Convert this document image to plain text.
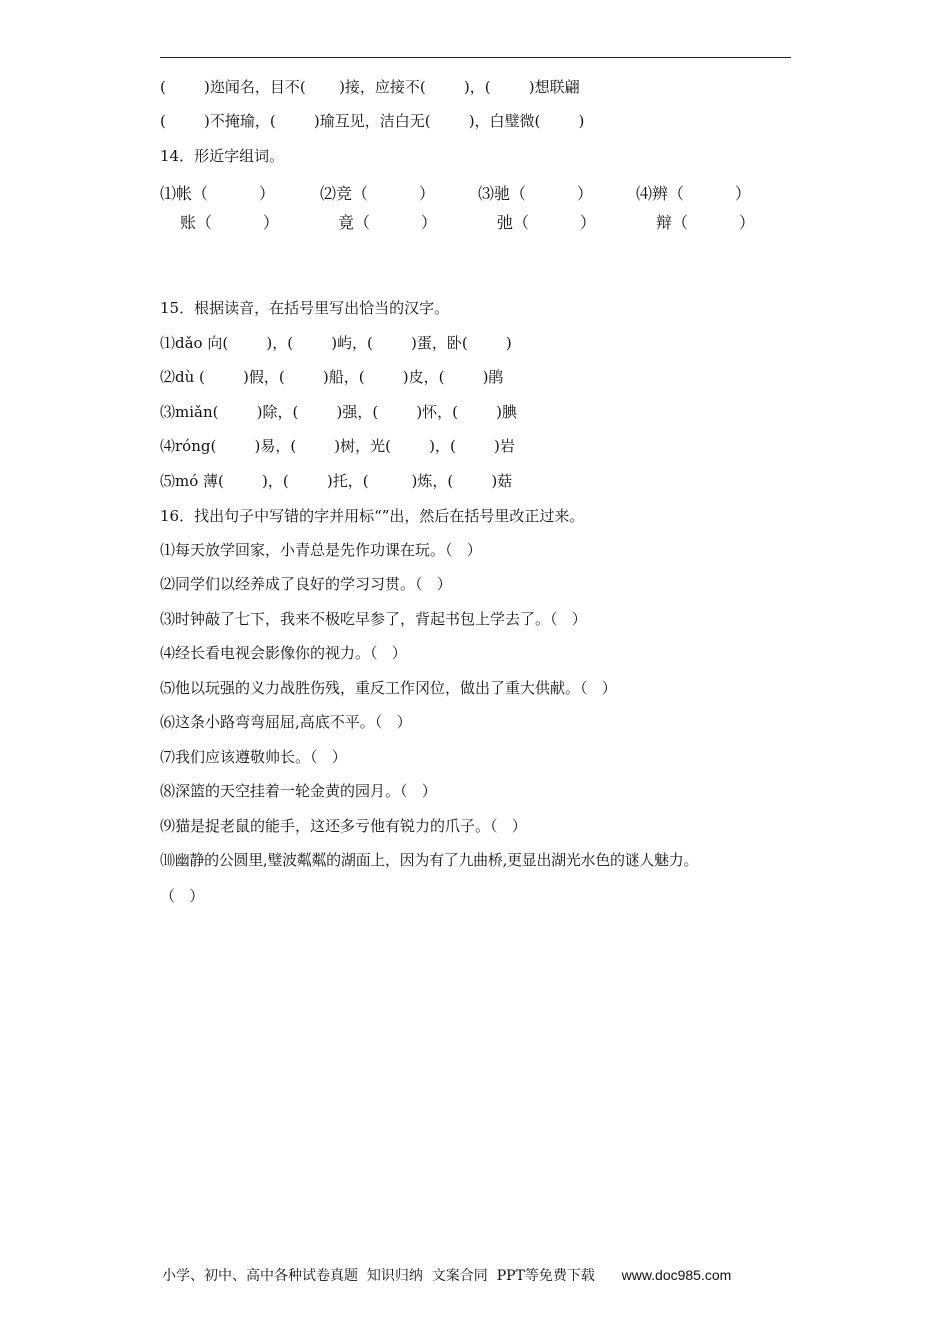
(        )迩闻名，目不(       )接，应接不(        )，(        )想联翩
(        )不掩瑜，(        )瑜互见，洁白无(        )，白璧微(        )
14．形近字组词。
⑴帐（          ）	⑵竞（          ）	⑶驰（          ）	⑷辨（          ）
账（          ）	竟（          ）	弛（          ）	辩（          ）
15．根据读音，在括号里写出恰当的汉字。
⑴dǎo 向(        )，(        )屿，(        )蛋，卧(        )
⑵dù (        )假，(        )船，(        )皮，(        )鹃
⑶miǎn(        )除，(        )强，(        )怀，(        )腆
⑷róng(        )易，(        )树，光(        )，(        )岩
⑸mó 薄(        )，(        )托，(         )炼，(        )菇
16．找出句子中写错的字并用标“”出，然后在括号里改正过来。
⑴每天放学回家，小青总是先作功课在玩。（   ）
⑵同学们以经养成了良好的学习习贯。（   ）
⑶时钟敲了七下，我来不极吃早参了，背起书包上学去了。（   ）
⑷经长看电视会影像你的视力。（   ）
⑸他以玩强的义力战胜伤残，重反工作冈位，做出了重大供献。（   ）
⑹这条小路弯弯屈屈,高底不平。（   ）
⑺我们应该遵敬帅长。（   ）
⑻深篮的天空挂着一轮金黄的园月。（   ）
⑼猫是捉老鼠的能手，这还多亏他有锐力的爪子。（   ）
⑽幽静的公圆里,璧波粼粼的湖面上，因为有了九曲桥,更显出湖光水色的谜人魅力。
（   ）
小学、初中、高中各种试卷真题  知识归纳  文案合同  PPT等免费下载 www.doc985.com
